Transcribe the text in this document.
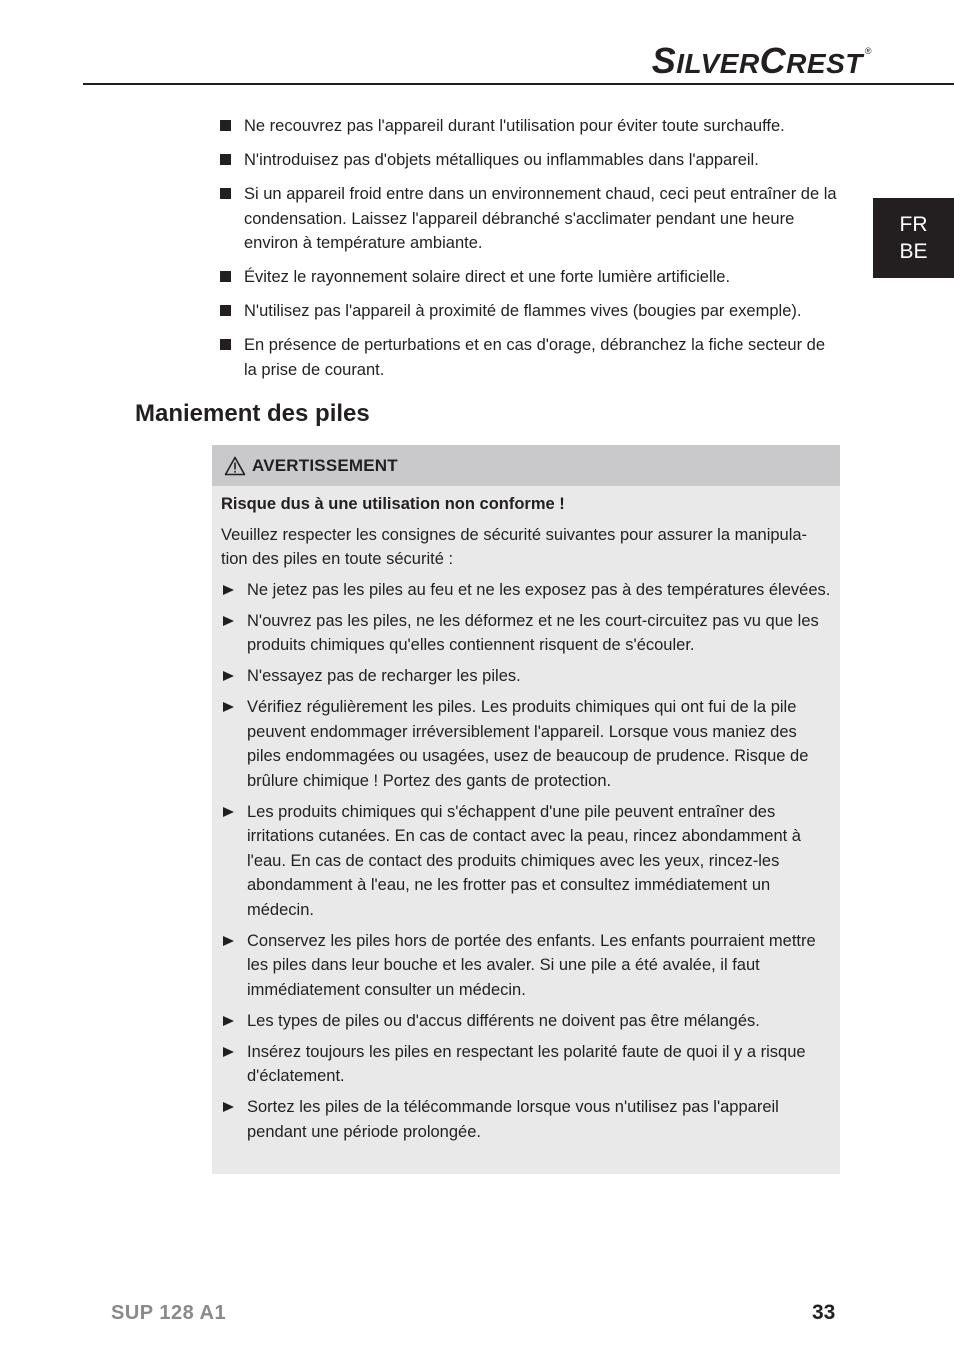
SILVERCREST ®
FR
BE
Ne recouvrez pas l'appareil durant l'utilisation pour éviter toute surchauffe.
N'introduisez pas d'objets métalliques ou inflammables dans l'appareil.
Si un appareil froid entre dans un environnement chaud, ceci peut entraîner de la condensation. Laissez l'appareil débranché s'acclimater pendant une heure environ à température ambiante.
Évitez le rayonnement solaire direct et une forte lumière artificielle.
N'utilisez pas l'appareil à proximité de flammes vives (bougies par exemple).
En présence de perturbations et en cas d'orage, débranchez la fiche secteur de la prise de courant.
Maniement des piles
AVERTISSEMENT

Risque dus à une utilisation non conforme !

Veuillez respecter les consignes de sécurité suivantes pour assurer la manipula-tion des piles en toute sécurité :

Ne jetez pas les piles au feu et ne les exposez pas à des températures élevées.
N'ouvrez pas les piles, ne les déformez et ne les court-circuitez pas vu que les produits chimiques qu'elles contiennent risquent de s'écouler.
N'essayez pas de recharger les piles.
Vérifiez régulièrement les piles. Les produits chimiques qui ont fui de la pile peuvent endommager irréversiblement l'appareil. Lorsque vous maniez des piles endommagées ou usagées, usez de beaucoup de prudence. Risque de brûlure chimique ! Portez des gants de protection.
Les produits chimiques qui s'échappent d'une pile peuvent entraîner des irritations cutanées. En cas de contact avec la peau, rincez abondamment à l'eau. En cas de contact des produits chimiques avec les yeux, rincez-les abondamment à l'eau, ne les frotter pas et consultez immédiatement un médecin.
Conservez les piles hors de portée des enfants. Les enfants pourraient mettre les piles dans leur bouche et les avaler. Si une pile a été avalée, il faut immédiatement consulter un médecin.
Les types de piles ou d'accus différents ne doivent pas être mélangés.
Insérez toujours les piles en respectant les polarité faute de quoi il y a risque d'éclatement.
Sortez les piles de la télécommande lorsque vous n'utilisez pas l'appareil pendant une période prolongée.
SUP 128 A1	33
